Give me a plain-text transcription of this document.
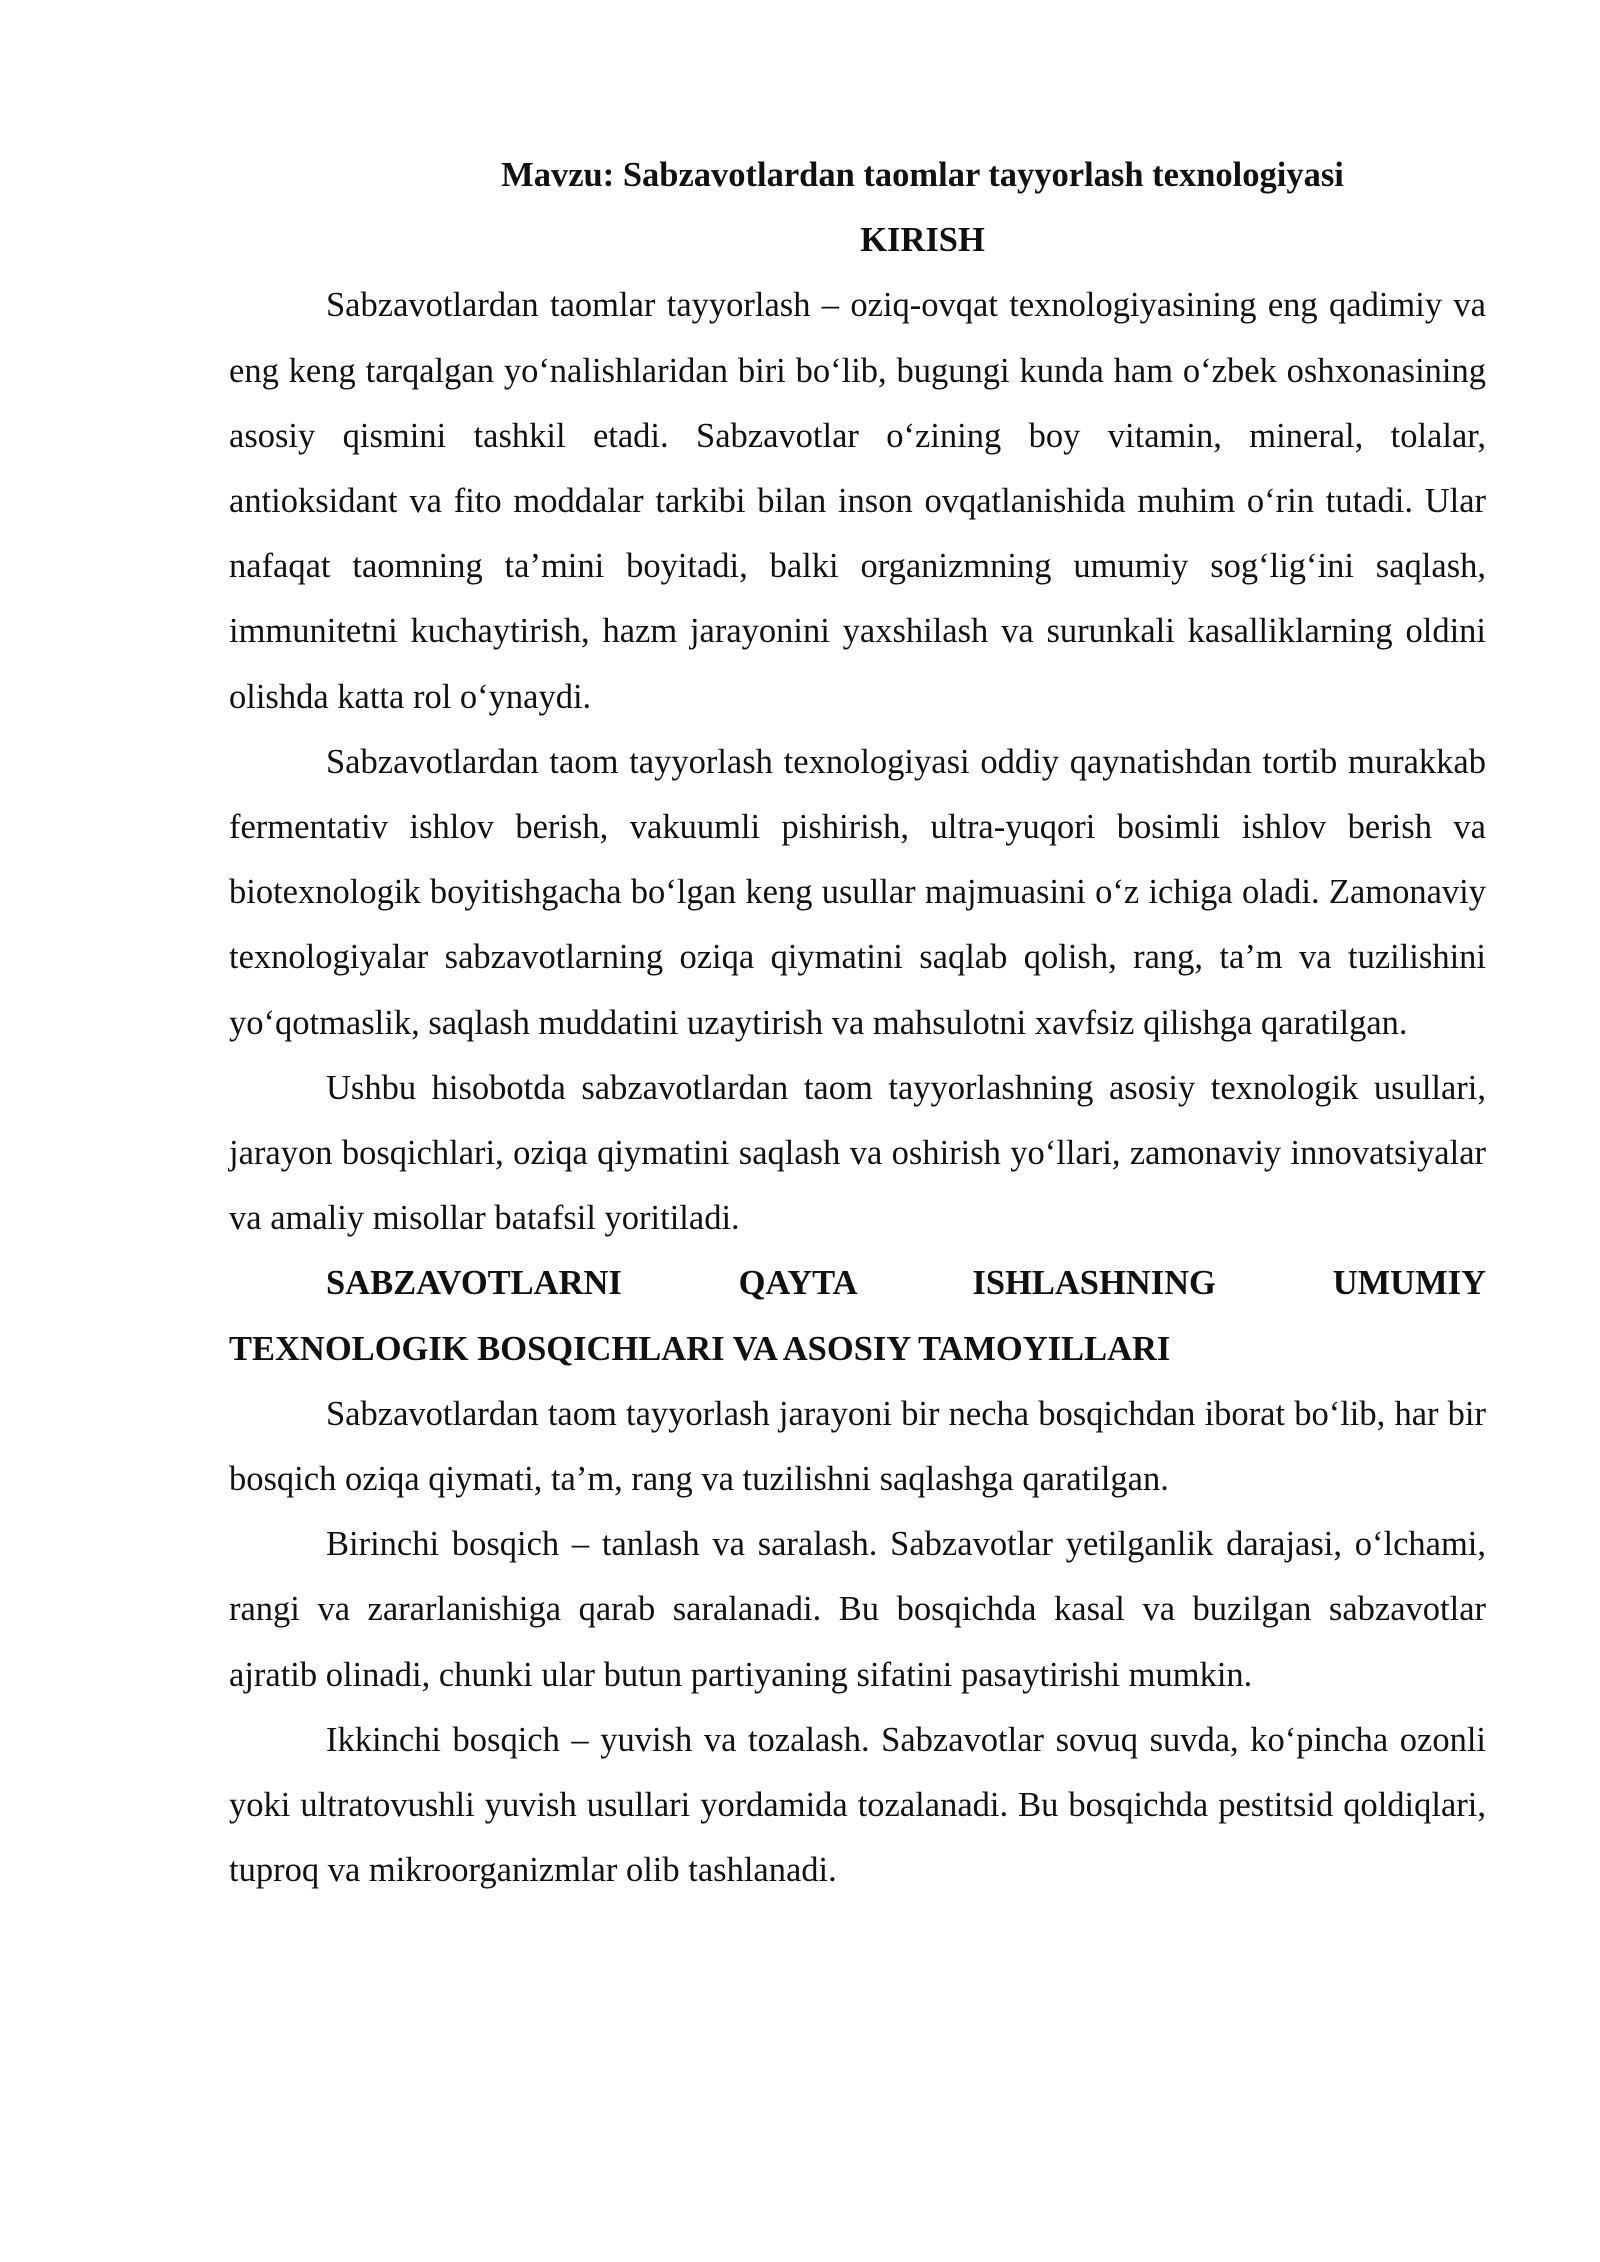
Mavzu: Sabzavotlardan taomlar tayyorlash texnologiyasi

KIRISH

Sabzavotlardan taomlar tayyorlash – oziq-ovqat texnologiyasining eng qadimiy va eng keng tarqalgan yo‘nalishlaridan biri bo‘lib, bugungi kunda ham o‘zbek oshxonasining asosiy qismini tashkil etadi. Sabzavotlar o‘zining boy vitamin, mineral, tolalar, antioksidant va fito moddalar tarkibi bilan inson ovqatlanishida muhim o‘rin tutadi. Ular nafaqat taomning ta’mini boyitadi, balki organizmning umumiy sog‘lig‘ini saqlash, immunitetni kuchaytirish, hazm jarayonini yaxshilash va surunkali kasalliklarning oldini olishda katta rol o‘ynaydi.

Sabzavotlardan taom tayyorlash texnologiyasi oddiy qaynatishdan tortib murakkab fermentativ ishlov berish, vakuumli pishirish, ultra-yuqori bosimli ishlov berish va biotexnologik boyitishgacha bo‘lgan keng usullar majmuasini o‘z ichiga oladi. Zamonaviy texnologiyalar sabzavotlarning oziqa qiymatini saqlab qolish, rang, ta’m va tuzilishini yo‘qotmaslik, saqlash muddatini uzaytirish va mahsulotni xavfsiz qilishga qaratilgan.

Ushbu hisobotda sabzavotlardan taom tayyorlashning asosiy texnologik usullari, jarayon bosqichlari, oziqa qiymatini saqlash va oshirish yo‘llari, zamonaviy innovatsiyalar va amaliy misollar batafsil yoritiladi.

SABZAVOTLARNI QAYTA ISHLASHNING UMUMIY
TEXNOLOGIK BOSQICHLARI VA ASOSIY TAMOYILLARI

Sabzavotlardan taom tayyorlash jarayoni bir necha bosqichdan iborat bo‘lib, har bir bosqich oziqa qiymati, ta’m, rang va tuzilishni saqlashga qaratilgan.

Birinchi bosqich – tanlash va saralash. Sabzavotlar yetilganlik darajasi, o‘lchami, rangi va zararlanishiga qarab saralanadi. Bu bosqichda kasal va buzilgan sabzavotlar ajratib olinadi, chunki ular butun partiyaning sifatini pasaytirishi mumkin.

Ikkinchi bosqich – yuvish va tozalash. Sabzavotlar sovuq suvda, ko‘pincha ozonli yoki ultratovushli yuvish usullari yordamida tozalanadi. Bu bosqichda pestitsid qoldiqlari, tuproq va mikroorganizmlar olib tashlanadi.
